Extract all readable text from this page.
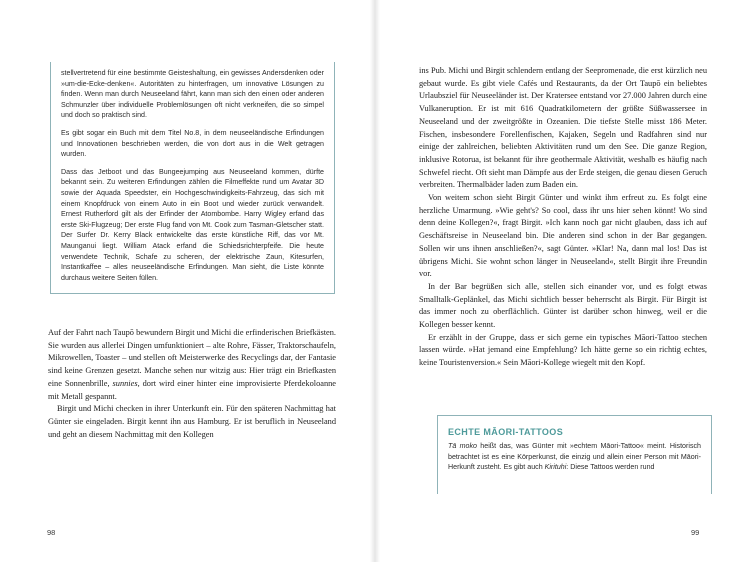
stellvertretend für eine bestimmte Geisteshaltung, ein gewisses Andersdenken oder »um-die-Ecke-denken«. Autoritäten zu hinterfragen, um innovative Lösungen zu finden. Wenn man durch Neuseeland fährt, kann man sich den einen oder anderen Schmunzler über individuelle Problemlösungen oft nicht verkneifen, die so simpel und doch so praktisch sind.

Es gibt sogar ein Buch mit dem Titel No.8, in dem neuseeländische Erfindungen und Innovationen beschrieben werden, die von dort aus in die Welt getragen wurden.

Dass das Jetboot und das Bungeejumping aus Neuseeland kommen, dürfte bekannt sein. Zu weiteren Erfindungen zählen die Filmeffekte rund um Avatar 3D sowie der Aquada Speedster, ein Hochgeschwindigkeits-Fahrzeug, das sich mit einem Knopfdruck von einem Auto in ein Boot und wieder zurück verwandelt. Ernest Rutherford gilt als der Erfinder der Atombombe. Harry Wigley erfand das erste Ski-Flugzeug; Der erste Flug fand von Mt. Cook zum Tasman-Gletscher statt. Der Surfer Dr. Kerry Black entwickelte das erste künstliche Riff, das vor Mt. Maunganui liegt. William Atack erfand die Schiedsrichterpfeife. Die heute verwendete Technik, Schafe zu scheren, der elektrische Zaun, Kitesurfen, Instantkaffee – alles neuseeländische Erfindungen. Man sieht, die Liste könnte durchaus weitere Seiten füllen.

Auf der Fahrt nach Taupō bewundern Birgit und Michi die erfinderischen Briefkästen. Sie wurden aus allerlei Dingen umfunktioniert – alte Rohre, Fässer, Traktorschaufeln, Mikrowellen, Toaster – und stellen oft Meisterwerke des Recyclings dar, der Fantasie sind keine Grenzen gesetzt. Manche sehen nur witzig aus: Hier trägt ein Briefkasten eine Sonnenbrille, sunnies, dort wird einer hinter eine improvisierte Pferdekoloanne mit Metall gespannt.

Birgit und Michi checken in ihrer Unterkunft ein. Für den späteren Nachmittag hat Günter sie eingeladen. Birgit kennt ihn aus Hamburg. Er ist beruflich in Neuseeland und geht an diesem Nachmittag mit den Kollegen

98

ins Pub. Michi und Birgit schlendern entlang der Seepromenade, die erst kürzlich neu gebaut wurde. Es gibt viele Cafés und Restaurants, da der Ort Taupō ein beliebtes Urlaubsziel für Neuseeländer ist. Der Kratersee entstand vor 27.000 Jahren durch eine Vulkaneruption. Er ist mit 616 Quadratkilometern der größte Süßwassersee in Neuseeland und der zweitgrößte in Ozeanien. Die tiefste Stelle misst 186 Meter. Fischen, insbesondere Forellenfischen, Kajaken, Segeln und Radfahren sind nur einige der zahlreichen, beliebten Aktivitäten rund um den See. Die ganze Region, inklusive Rotorua, ist bekannt für ihre geothermale Aktivität, weshalb es häufig nach Schwefel riecht. Oft sieht man Dämpfe aus der Erde steigen, die genau diesen Geruch verbreiten. Thermalbäder laden zum Baden ein.

Von weitem schon sieht Birgit Günter und winkt ihm erfreut zu. Es folgt eine herzliche Umarmung. »Wie geht's? So cool, dass ihr uns hier sehen könnt! Wo sind denn deine Kollegen?«, fragt Birgit. »Ich kann noch gar nicht glauben, dass ich auf Geschäftsreise in Neuseeland bin. Die anderen sind schon in der Bar gegangen. Sollen wir uns ihnen anschließen?«, sagt Günter. »Klar! Na, dann mal los! Das ist übrigens Michi. Sie wohnt schon länger in Neuseeland«, stellt Birgit ihre Freundin vor.

In der Bar begrüßen sich alle, stellen sich einander vor, und es folgt etwas Smalltalk-Geplänkel, das Michi sichtlich besser beherrscht als Birgit. Für Birgit ist das immer noch zu oberflächlich. Günter ist darüber schon hinweg, weil er die Kollegen besser kennt.

Er erzählt in der Gruppe, dass er sich gerne ein typisches Māori-Tattoo stechen lassen würde. »Hat jemand eine Empfehlung? Ich hätte gerne so ein richtig echtes, keine Touristenversion.« Sein Māori-Kollege wiegelt mit den Kopf.

ECHTE MĀORI-TATTOOS

Tā moko heißt das, was Günter mit »echtem Māori-Tattoo« meint. Historisch betrachtet ist es eine Körperkunst, die einzig und allein einer Person mit Māori-Herkunft zusteht. Es gibt auch Kirituhi: Diese Tattoos werden rund

99
